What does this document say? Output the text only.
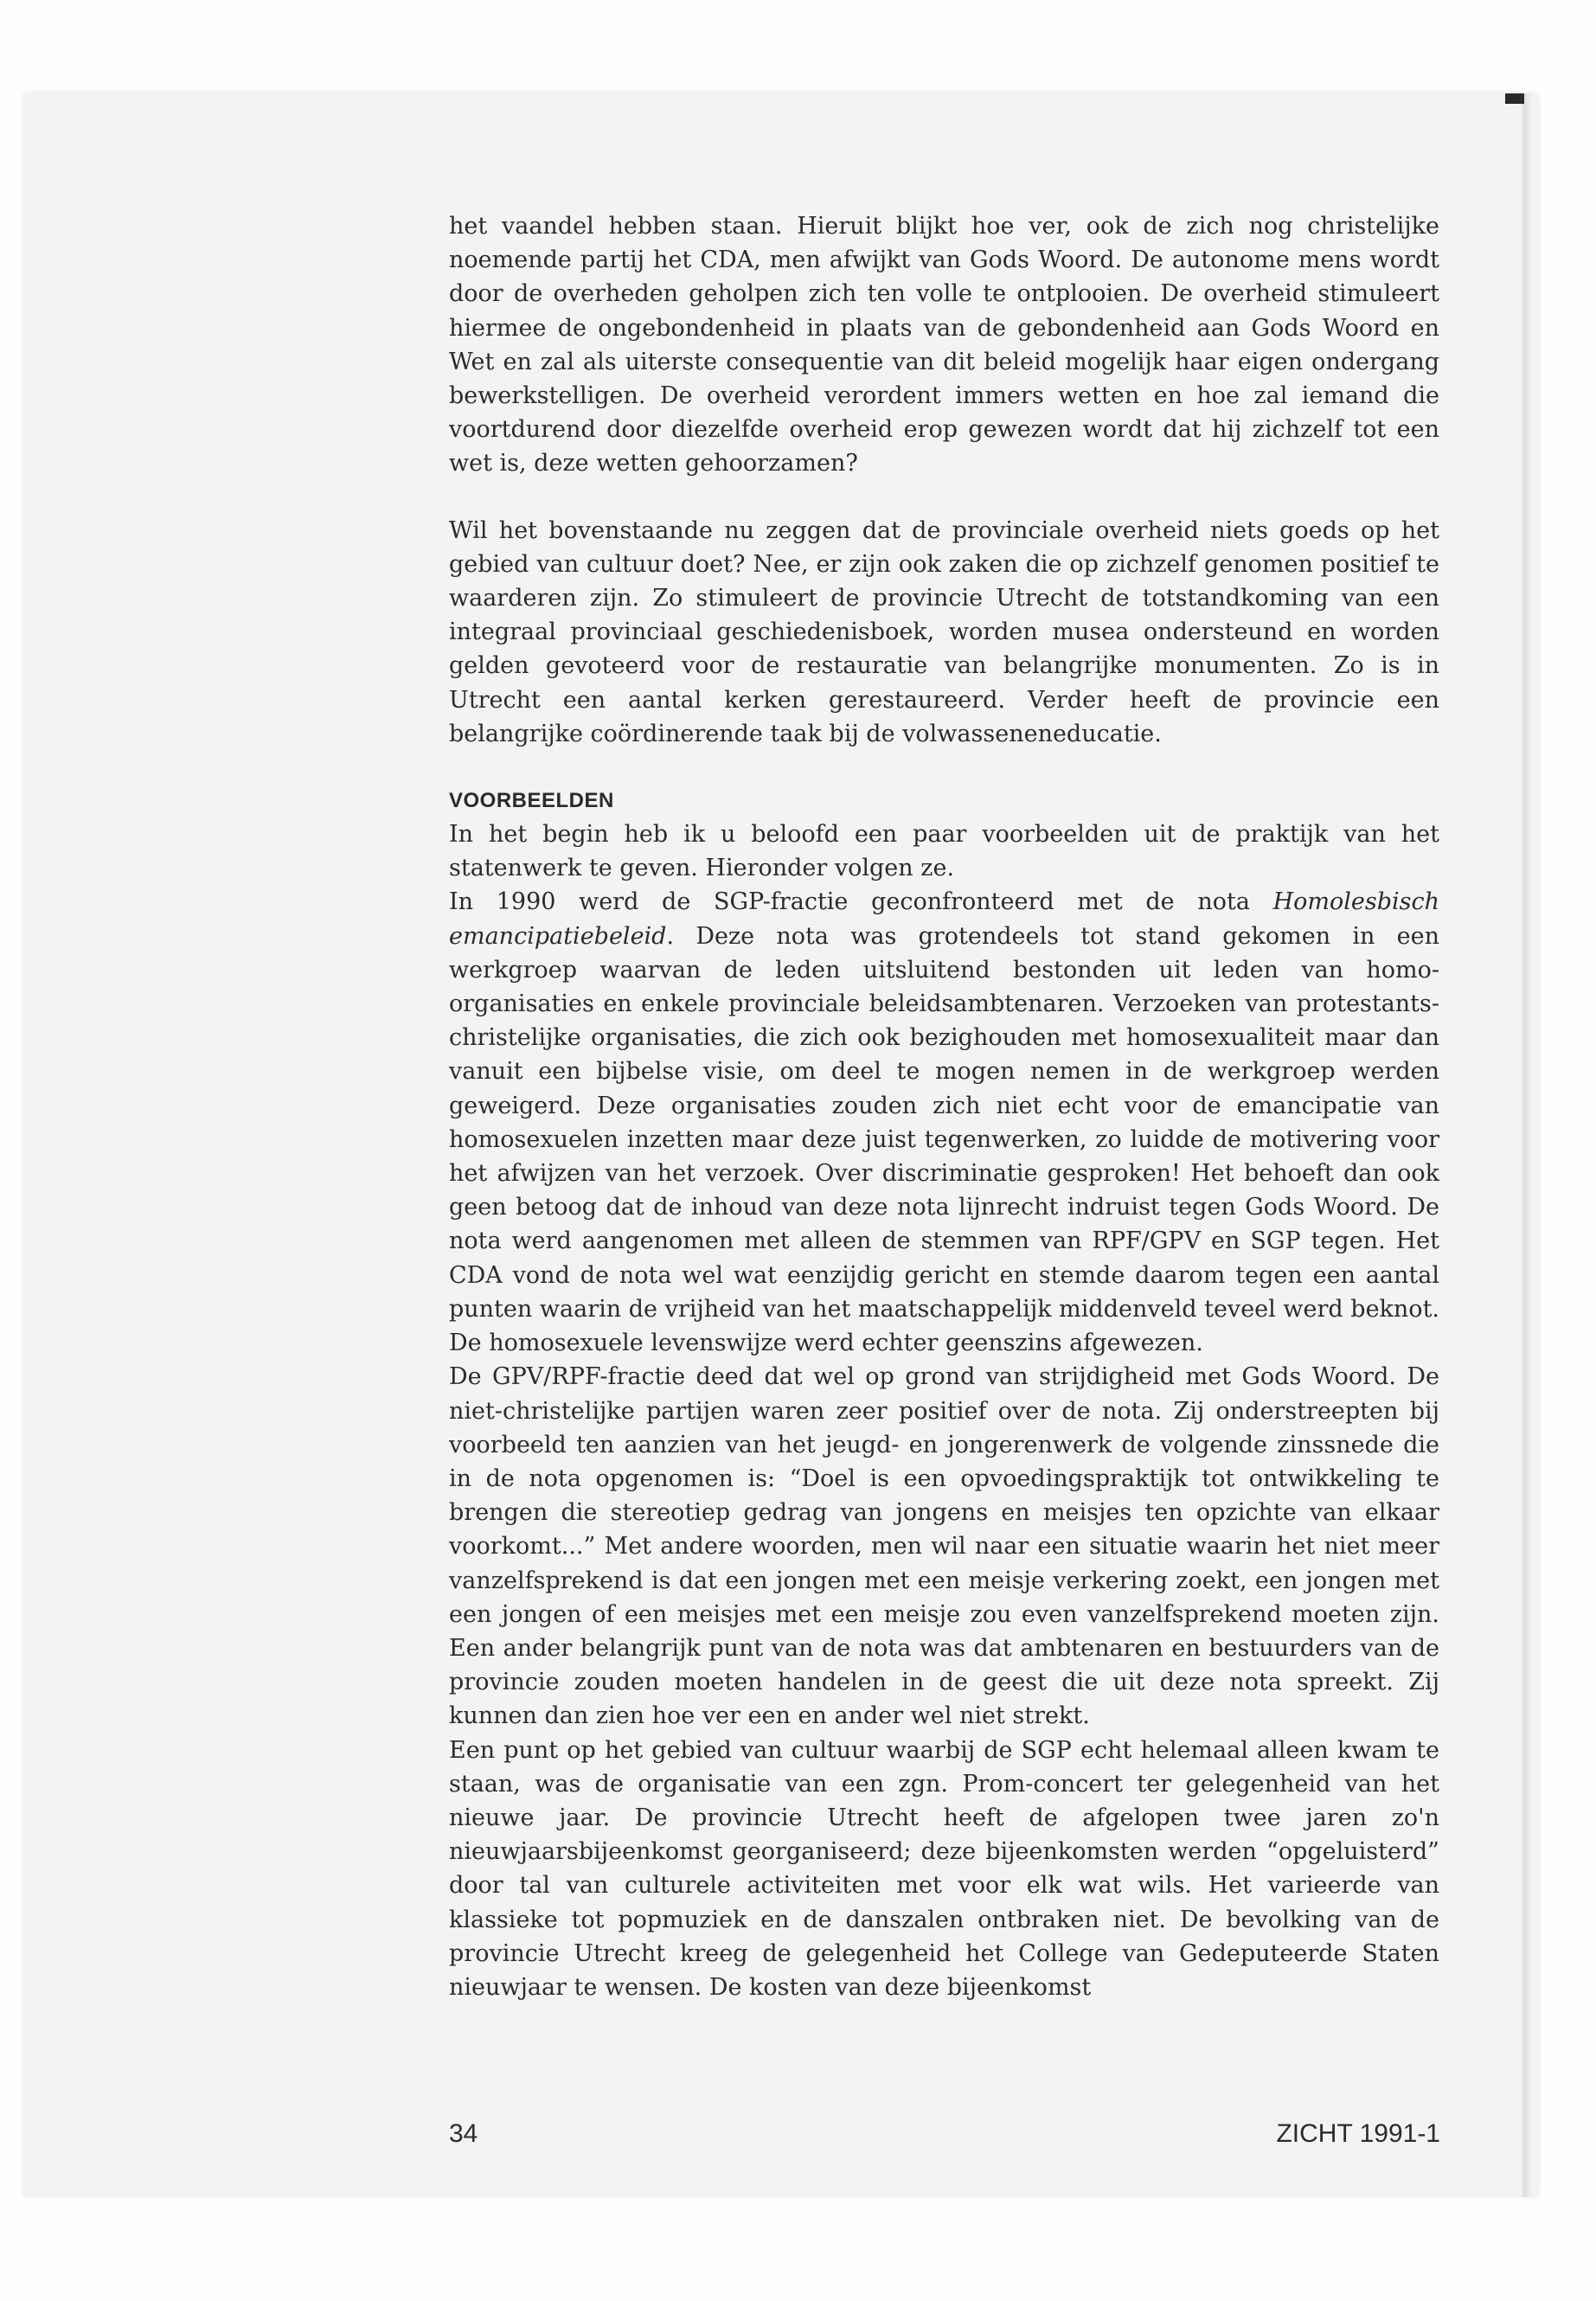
het vaandel hebben staan. Hieruit blijkt hoe ver, ook de zich nog christelijke noemende partij het CDA, men afwijkt van Gods Woord. De autonome mens wordt door de overheden geholpen zich ten volle te ontplooien. De overheid stimuleert hiermee de ongebondenheid in plaats van de gebondenheid aan Gods Woord en Wet en zal als uiterste consequentie van dit beleid mogelijk haar eigen ondergang bewerkstelligen. De overheid verordent immers wetten en hoe zal iemand die voortdurend door diezelfde overheid erop gewezen wordt dat hij zichzelf tot een wet is, deze wetten gehoorzamen?

Wil het bovenstaande nu zeggen dat de provinciale overheid niets goeds op het gebied van cultuur doet? Nee, er zijn ook zaken die op zichzelf genomen positief te waarderen zijn. Zo stimuleert de provincie Utrecht de totstandkoming van een integraal provinciaal geschiedenisboek, worden musea ondersteund en worden gelden gevoteerd voor de restauratie van belangrijke monumenten. Zo is in Utrecht een aantal kerken gerestaureerd. Verder heeft de provincie een belangrijke coördinerende taak bij de volwasseneneducatie.

VOORBEELDEN

In het begin heb ik u beloofd een paar voorbeelden uit de praktijk van het statenwerk te geven. Hieronder volgen ze.

In 1990 werd de SGP-fractie geconfronteerd met de nota Homolesbisch emancipatiebeleid. Deze nota was grotendeels tot stand gekomen in een werkgroep waarvan de leden uitsluitend bestonden uit leden van homo-organisaties en enkele provinciale beleidsambtenaren. Verzoeken van protestants-christelijke organisaties, die zich ook bezighouden met homosexualiteit maar dan vanuit een bijbelse visie, om deel te mogen nemen in de werkgroep werden geweigerd. Deze organisaties zouden zich niet echt voor de emancipatie van homosexuelen inzetten maar deze juist tegenwerken, zo luidde de motivering voor het afwijzen van het verzoek. Over discriminatie gesproken! Het behoeft dan ook geen betoog dat de inhoud van deze nota lijnrecht indruist tegen Gods Woord. De nota werd aangenomen met alleen de stemmen van RPF/GPV en SGP tegen. Het CDA vond de nota wel wat eenzijdig gericht en stemde daarom tegen een aantal punten waarin de vrijheid van het maatschappelijk middenveld teveel werd beknot. De homosexuele levenswijze werd echter geenszins afgewezen.

De GPV/RPF-fractie deed dat wel op grond van strijdigheid met Gods Woord. De niet-christelijke partijen waren zeer positief over de nota. Zij onderstreepten bij voorbeeld ten aanzien van het jeugd- en jongerenwerk de volgende zinssnede die in de nota opgenomen is: “Doel is een opvoedingspraktijk tot ontwikkeling te brengen die stereotiep gedrag van jongens en meisjes ten opzichte van elkaar voorkomt...” Met andere woorden, men wil naar een situatie waarin het niet meer vanzelfsprekend is dat een jongen met een meisje verkering zoekt, een jongen met een jongen of een meisjes met een meisje zou even vanzelfsprekend moeten zijn. Een ander belangrijk punt van de nota was dat ambtenaren en bestuurders van de provincie zouden moeten handelen in de geest die uit deze nota spreekt. Zij kunnen dan zien hoe ver een en ander wel niet strekt.

Een punt op het gebied van cultuur waarbij de SGP echt helemaal alleen kwam te staan, was de organisatie van een zgn. Prom-concert ter gelegenheid van het nieuwe jaar. De provincie Utrecht heeft de afgelopen twee jaren zo'n nieuwjaarsbijeenkomst georganiseerd; deze bijeenkomsten werden “opgeluisterd” door tal van culturele activiteiten met voor elk wat wils. Het varieerde van klassieke tot popmuziek en de danszalen ontbraken niet. De bevolking van de provincie Utrecht kreeg de gelegenheid het College van Gedeputeerde Staten nieuwjaar te wensen. De kosten van deze bijeenkomst

34	ZICHT 1991-1
